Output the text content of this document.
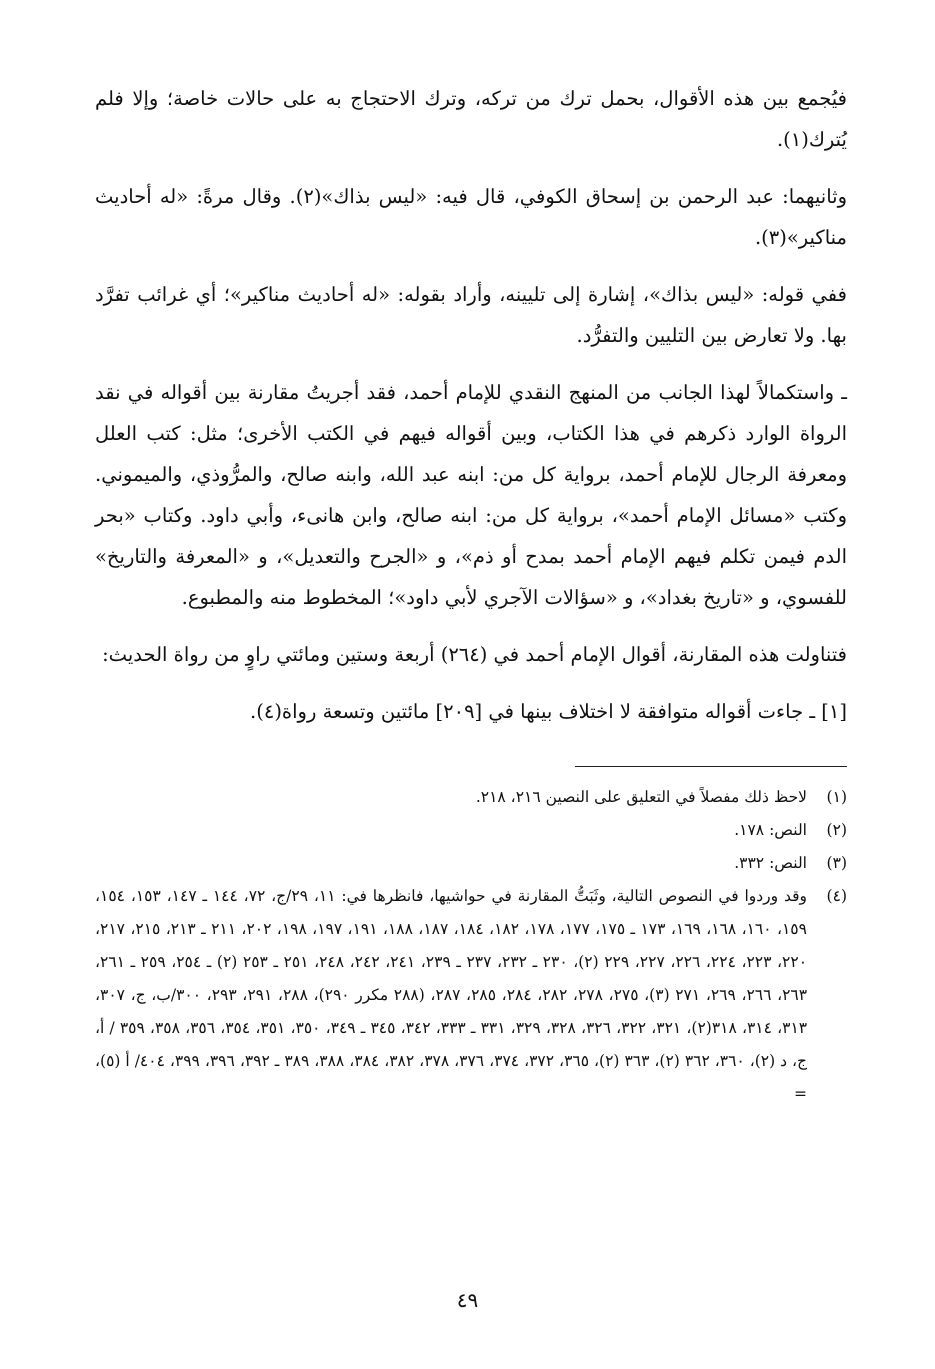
فيُجمع بين هذه الأقوال، بحمل ترك من تركه، وترك الاحتجاج به على حالات خاصة؛ وإلا فلم يُترك(١).

وثانيهما: عبد الرحمن بن إسحاق الكوفي، قال فيه: «ليس بذاك»(٢). وقال مرةً: «له أحاديث مناكير»(٣).

ففي قوله: «ليس بذاك»، إشارة إلى تليينه، وأراد بقوله: «له أحاديث مناكير»؛ أي غرائب تفرَّد بها. ولا تعارض بين التليين والتفرُّد.

ـ واستكمالاً لهذا الجانب من المنهج النقدي للإمام أحمد، فقد أجريتُ مقارنة بين أقواله في نقد الرواة الوارد ذكرهم في هذا الكتاب، وبين أقواله فيهم في الكتب الأخرى؛ مثل: كتب العلل ومعرفة الرجال للإمام أحمد، برواية كل من: ابنه عبد الله، وابنه صالح، والمرُّوذي، والميموني. وكتب «مسائل الإمام أحمد»، برواية كل من: ابنه صالح، وابن هانىء، وأبي داود. وكتاب «بحر الدم فيمن تكلم فيهم الإمام أحمد بمدح أو ذم»، و «الجرح والتعديل»، و «المعرفة والتاريخ» للفسوي، و «تاريخ بغداد»، و «سؤالات الآجري لأبي داود»؛ المخطوط منه والمطبوع.

فتناولت هذه المقارنة، أقوال الإمام أحمد في (٢٦٤) أربعة وستين ومائتي راوٍ من رواة الحديث:

[١] ـ جاءت أقواله متوافقة لا اختلاف بينها في [٢٠٩] مائتين وتسعة رواة(٤).

(١)
لاحظ ذلك مفصلاً في التعليق على النصين ٢١٦، ٢١٨.
(٢)
النص: ١٧٨.
(٣)
النص: ٣٣٢.
(٤)
وقد وردوا في النصوص التالية، وثَبَتُّ المقارنة في حواشيها، فانظرها في: ١١، ٢٩/ج، ٧٢، ١٤٤ ـ ١٤٧، ١٥٣، ١٥٤، ١٥٩، ١٦٠، ١٦٨، ١٦٩، ١٧٣ ـ ١٧٥، ١٧٧، ١٧٨، ١٨٢، ١٨٤، ١٨٧، ١٨٨، ١٩١، ١٩٧، ١٩٨، ٢٠٢، ٢١١ ـ ٢١٣، ٢١٥، ٢١٧، ٢٢٠، ٢٢٣، ٢٢٤، ٢٢٦، ٢٢٧، ٢٢٩ (٢)، ٢٣٠ ـ ٢٣٢، ٢٣٧ ـ ٢٣٩، ٢٤١، ٢٤٢، ٢٤٨، ٢٥١ ـ ٢٥٣ (٢) ـ ٢٥٤، ٢٥٩ ـ ٢٦١، ٢٦٣، ٢٦٦، ٢٦٩، ٢٧١ (٣)، ٢٧٥، ٢٧٨، ٢٨٢، ٢٨٤، ٢٨٥، ٢٨٧، (٢٨٨ مكرر ٢٩٠)، ٢٨٨، ٢٩١، ٢٩٣، ٣٠٠/ب، ج، ٣٠٧، ٣١٣، ٣١٤، ٣١٨(٢)، ٣٢١، ٣٢٢، ٣٢٦، ٣٢٨، ٣٢٩، ٣٣١ ـ ٣٣٣، ٣٤٢، ٣٤٥ ـ ٣٤٩، ٣٥٠، ٣٥١، ٣٥٤، ٣٥٦، ٣٥٨، ٣٥٩ / أ، ج، د (٢)، ٣٦٠، ٣٦٢ (٢)، ٣٦٣ (٢)، ٣٦٥، ٣٧٢، ٣٧٤، ٣٧٦، ٣٧٨، ٣٨٢، ٣٨٤، ٣٨٨، ٣٨٩ ـ ٣٩٢، ٣٩٦، ٣٩٩، ٤٠٤/ أ (٥)، =
٤٩
